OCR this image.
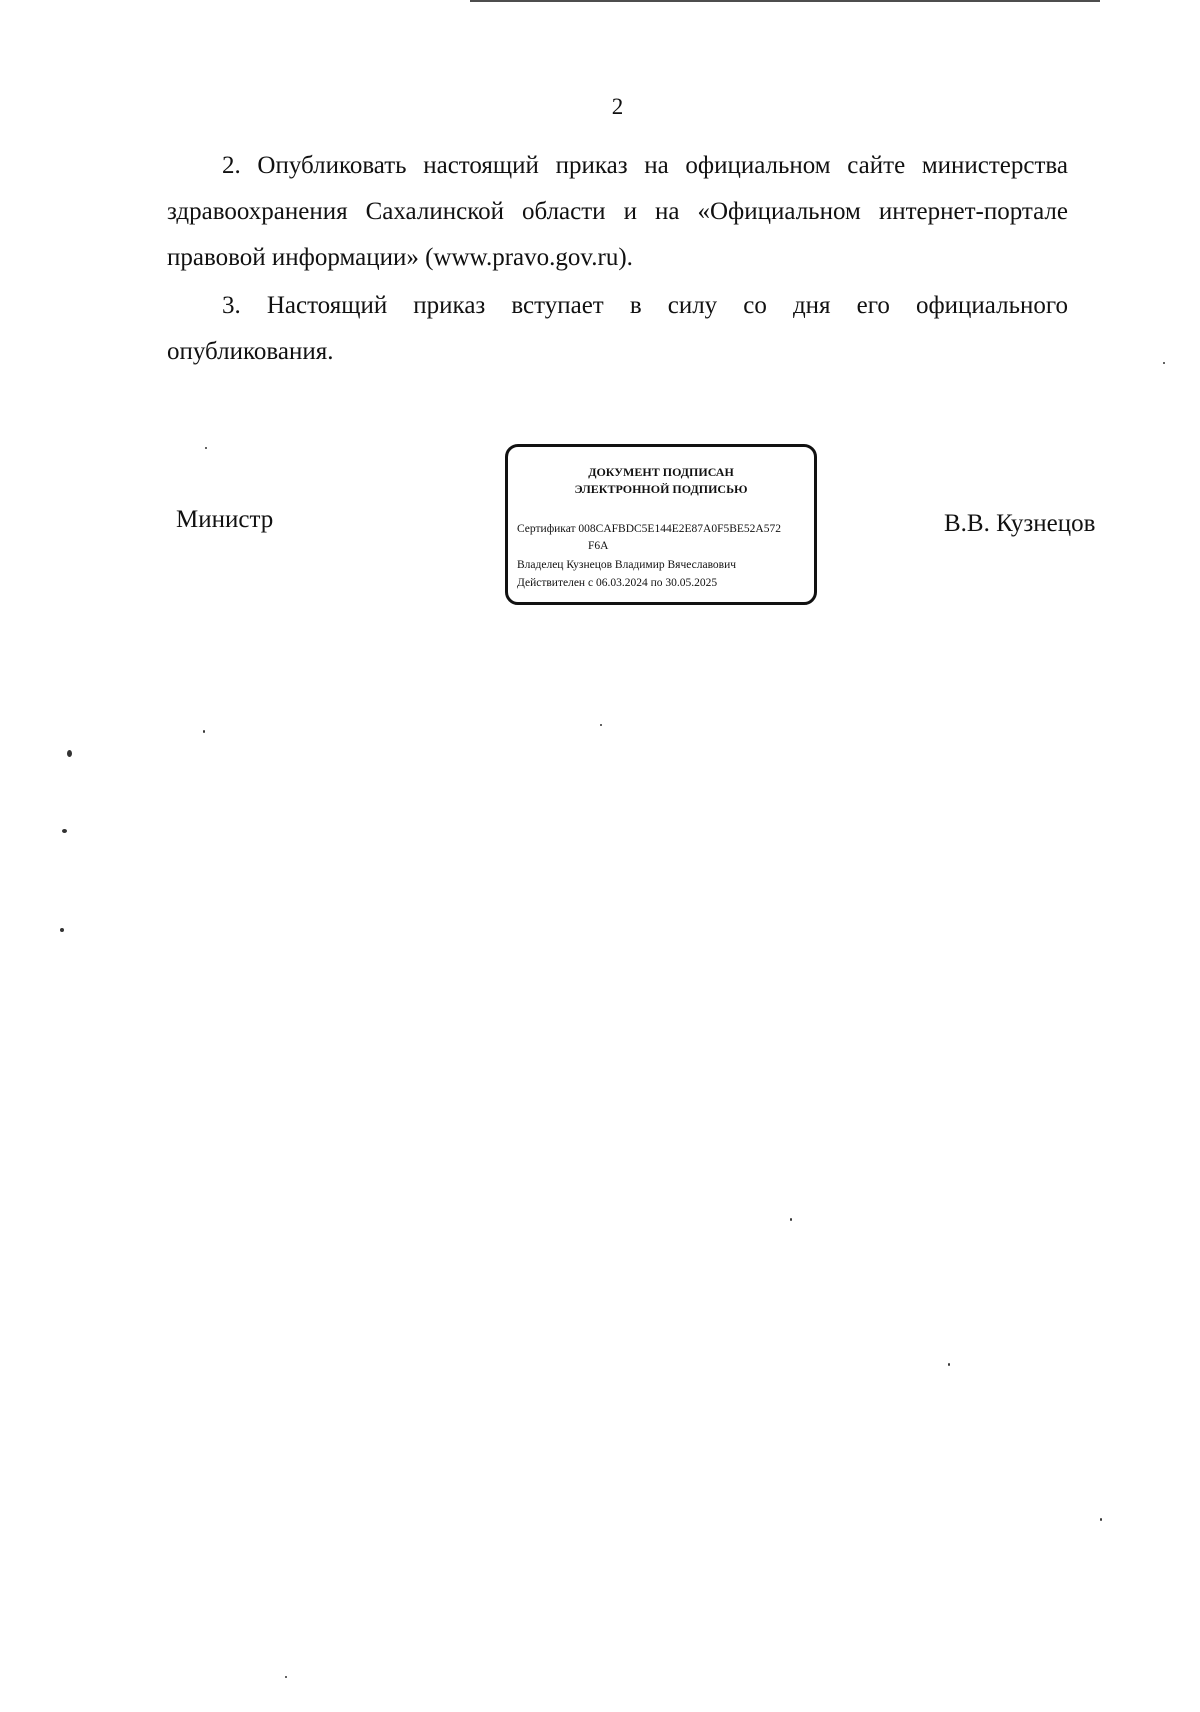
2

2. Опубликовать настоящий приказ на официальном сайте министерства здравоохранения Сахалинской области и на «Официальном интернет-портале правовой информации» (www.pravo.gov.ru).

3. Настоящий приказ вступает в силу со дня его официального
опубликования.

Министр
ДОКУМЕНТ ПОДПИСАН
ЭЛЕКТРОННОЙ ПОДПИСЬЮ
Сертификат 008CAFBDC5E144E2E87A0F5BE52A572
F6A
Владелец Кузнецов Владимир Вячеславович
Действителен с 06.03.2024 по 30.05.2025
В.В. Кузнецов
